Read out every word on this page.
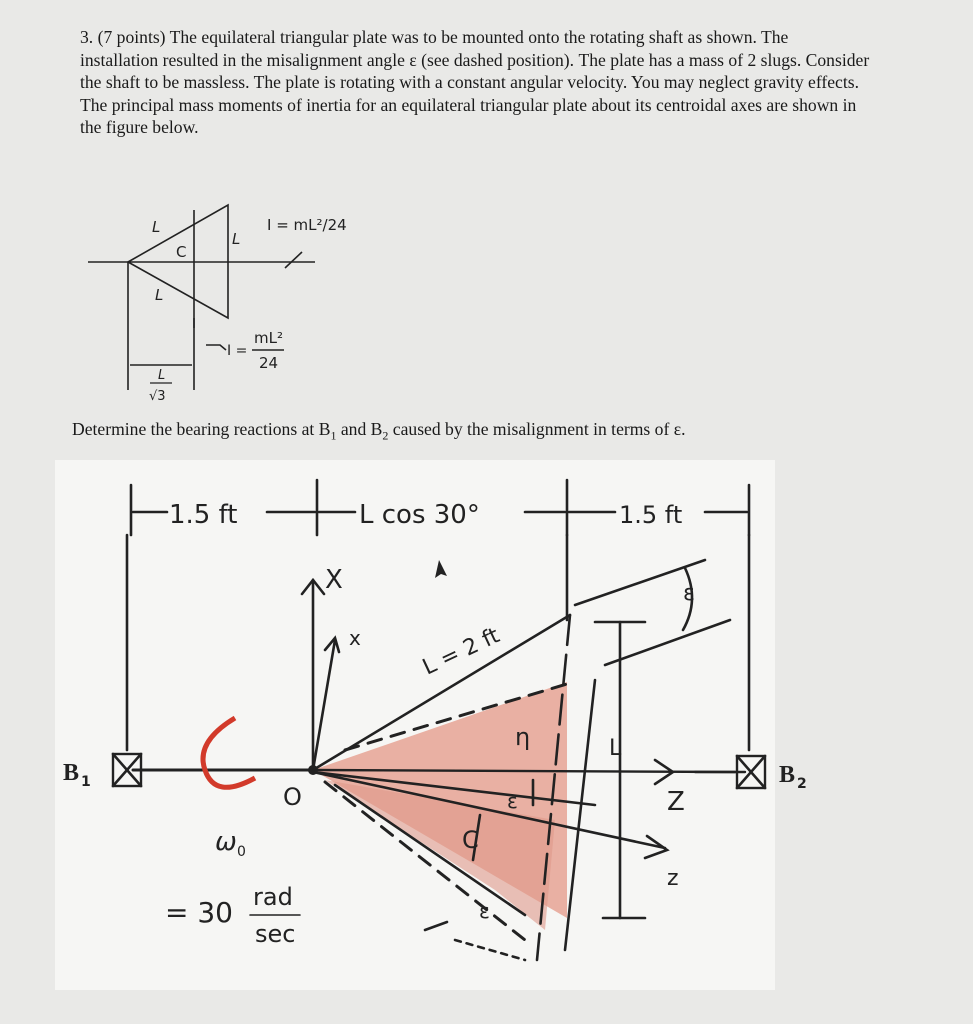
3. (7 points) The equilateral triangular plate was to be mounted onto the rotating shaft as shown. The installation resulted in the misalignment angle ε (see dashed position). The plate has a mass of 2 slugs. Consider the shaft to be massless. The plate is rotating with a constant angular velocity. You may neglect gravity effects. The principal mass moments of inertia for an equilateral triangular plate about its centroidal axes are shown in the figure below.
L
C
L
L
I = mL²/24
I =
mL²
24
L
√3
Determine the bearing reactions at $B_1$ and $B_2$ caused by the misalignment in terms of ε.
1.5 ft	L cos 30°	1.5 ft
X
x	L = 2 ft
O
C
Z
z
ε
ε
ε
η	L
B 1	B 2
ω 0
= 30 rad
sec
